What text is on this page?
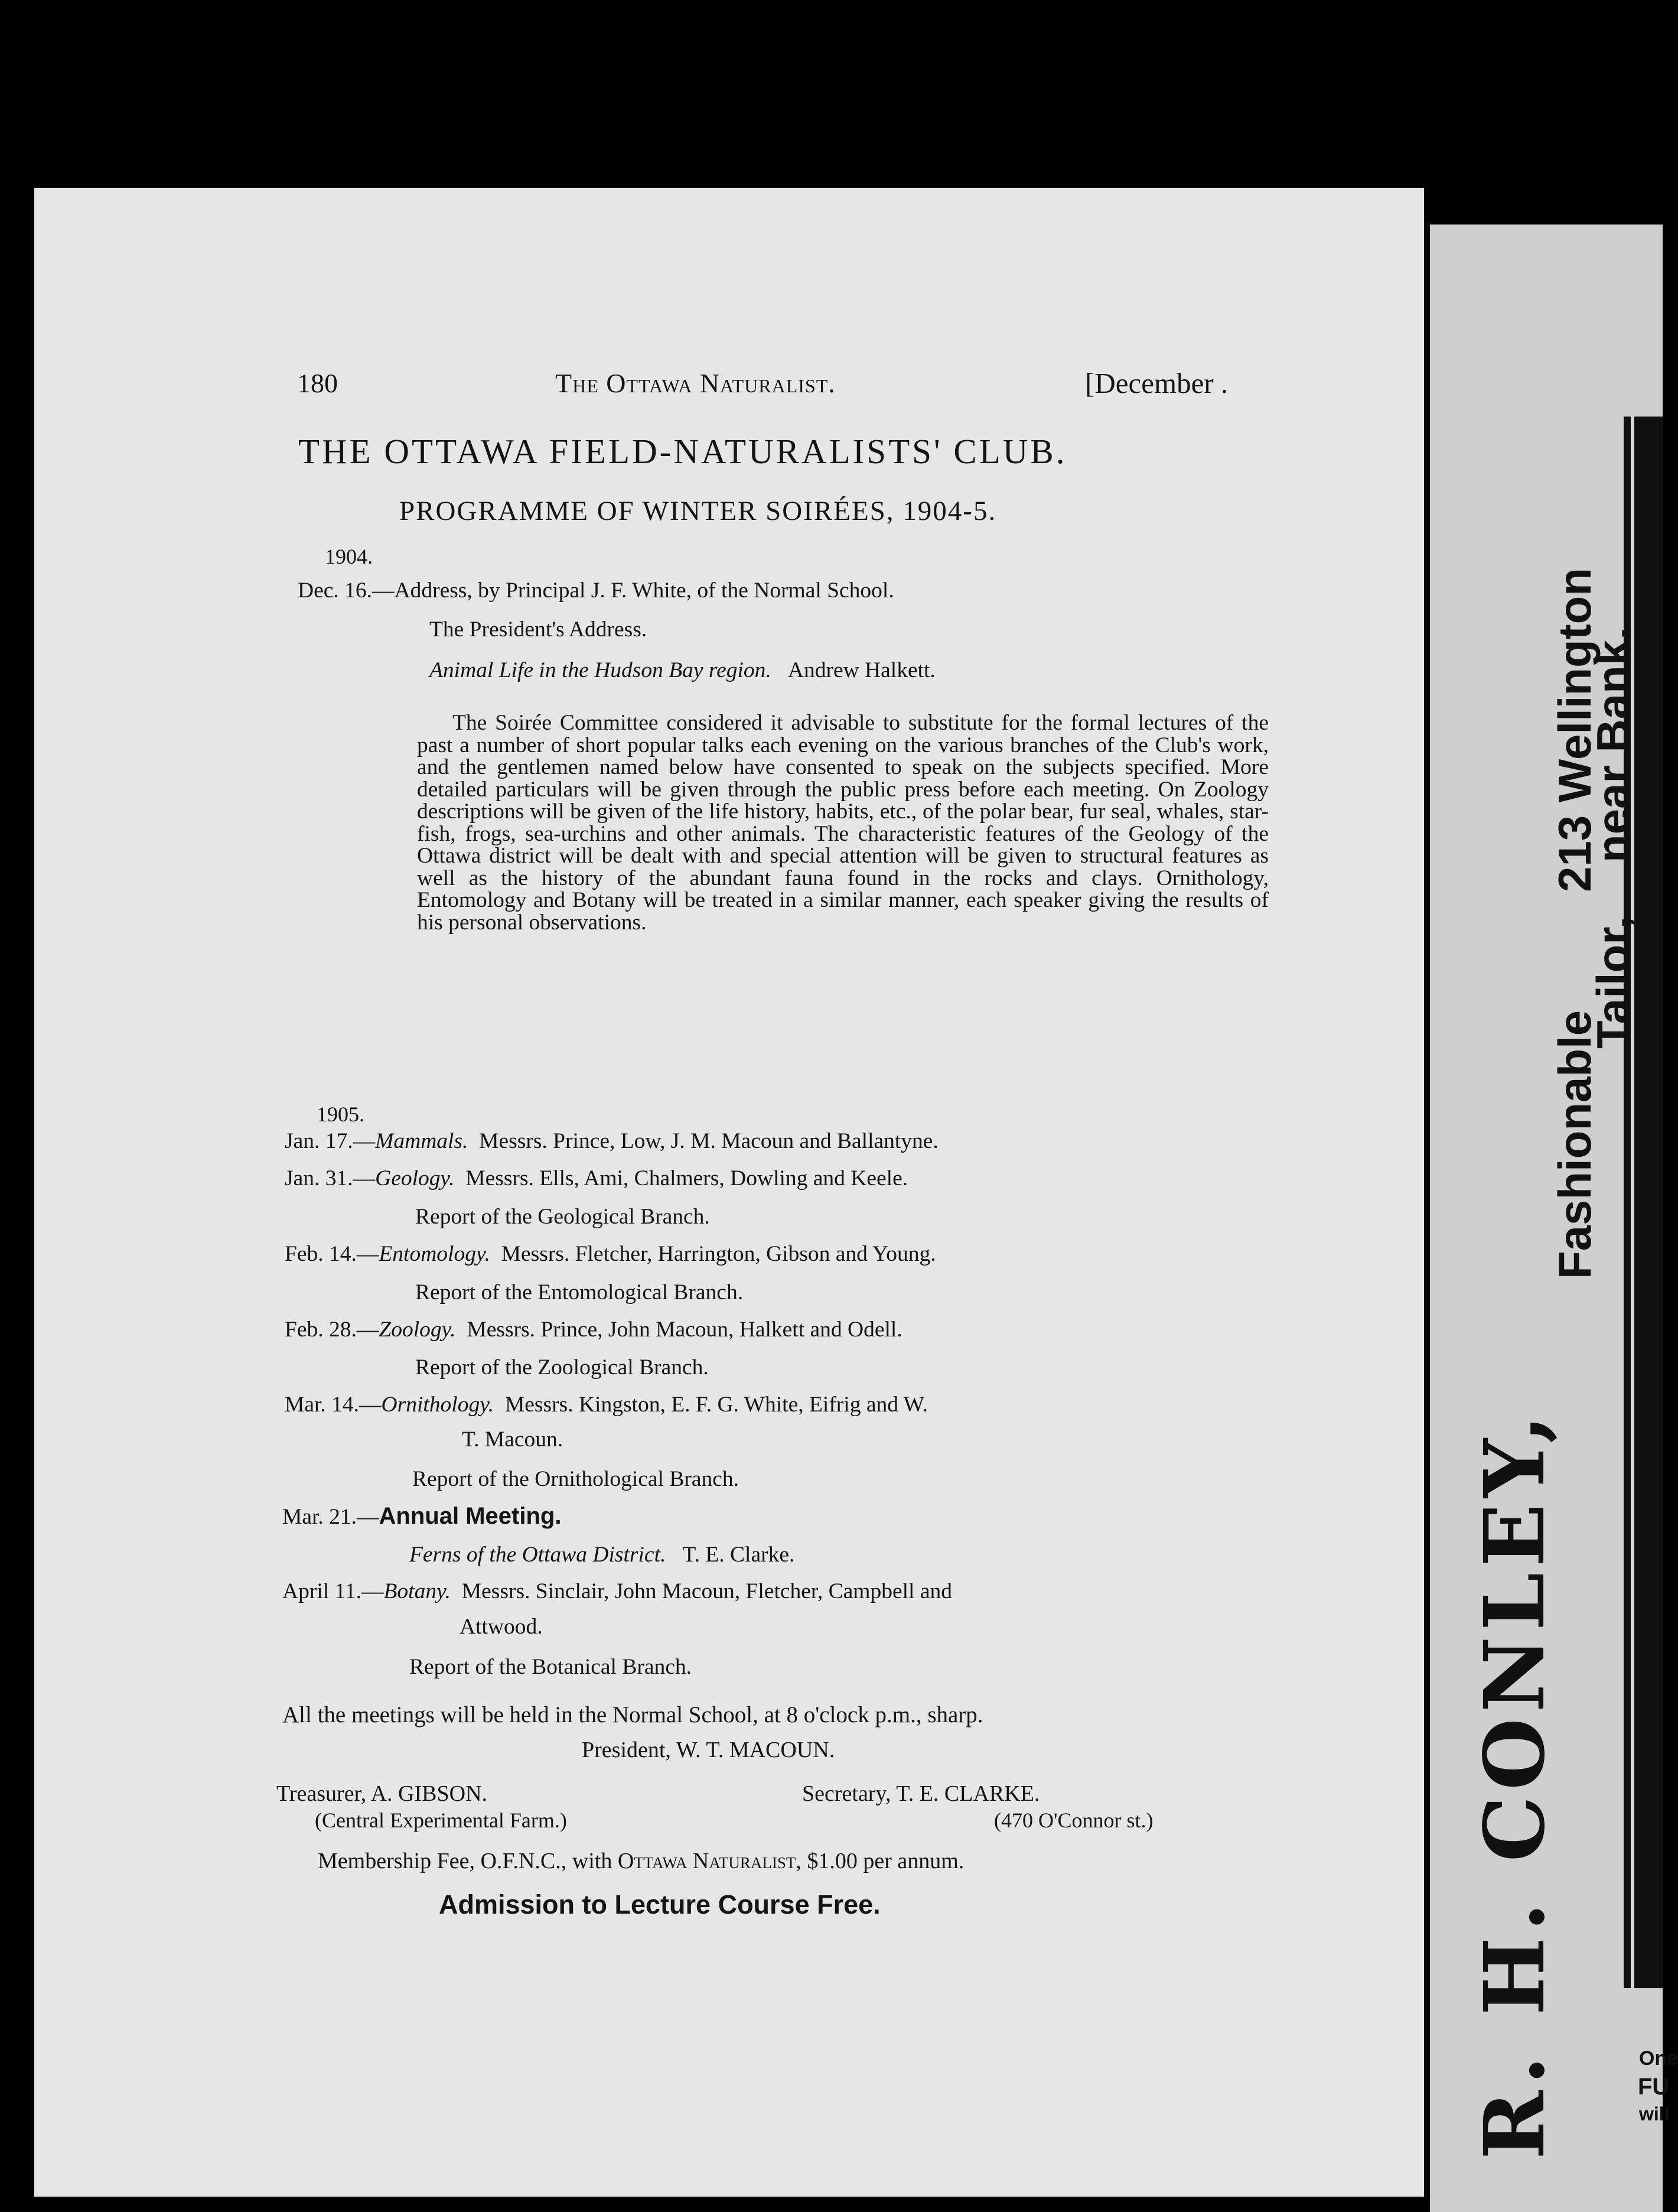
180	The Ottawa Naturalist.	[December .
THE OTTAWA FIELD-NATURALISTS' CLUB.
PROGRAMME OF WINTER SOIRÉES, 1904-5.
1904.
Dec. 16.—Address, by Principal J. F. White, of the Normal School.
The President's Address.
Animal Life in the Hudson Bay region. Andrew Halkett.
The Soirée Committee considered it advisable to substitute for the formal lectures of the past a number of short popular talks each evening on the various branches of the Club's work, and the gentlemen named below have consented to speak on the subjects specified. More detailed particulars will be given through the public press before each meeting. On Zoology descriptions will be given of the life history, habits, etc., of the polar bear, fur seal, whales, star-fish, frogs, sea-urchins and other animals. The characteristic features of the Geology of the Ottawa district will be dealt with and special attention will be given to structural features as well as the history of the abundant fauna found in the rocks and clays. Ornithology, Entomology and Botany will be treated in a similar manner, each speaker giving the results of his personal observations.
1905.
Jan. 17.—Mammals. Messrs. Prince, Low, J. M. Macoun and Ballantyne.
Jan. 31.—Geology. Messrs. Ells, Ami, Chalmers, Dowling and Keele.
Report of the Geological Branch.
Feb. 14.—Entomology. Messrs. Fletcher, Harrington, Gibson and Young.
Report of the Entomological Branch.
Feb. 28.—Zoology. Messrs. Prince, John Macoun, Halkett and Odell.
Report of the Zoological Branch.
Mar. 14.—Ornithology. Messrs. Kingston, E. F. G. White, Eifrig and W.
T. Macoun.
Report of the Ornithological Branch.
Mar. 21.—Annual Meeting.
Ferns of the Ottawa District. T. E. Clarke.
April 11.—Botany. Messrs. Sinclair, John Macoun, Fletcher, Campbell and
Attwood.
Report of the Botanical Branch.
All the meetings will be held in the Normal School, at 8 o'clock p.m., sharp.
President, W. T. MACOUN.
Treasurer, A. GIBSON.
(Central Experimental Farm.)
Secretary, T. E. CLARKE.
(470 O'Connor st.)
Membership Fee, O.F.N.C., with Ottawa Naturalist, $1.00 per annum.
Admission to Lecture Course Free.	R. H. CONLEY,
Fashionable
213 Wellington
Tailor,
near Bank.
One
FU
will
